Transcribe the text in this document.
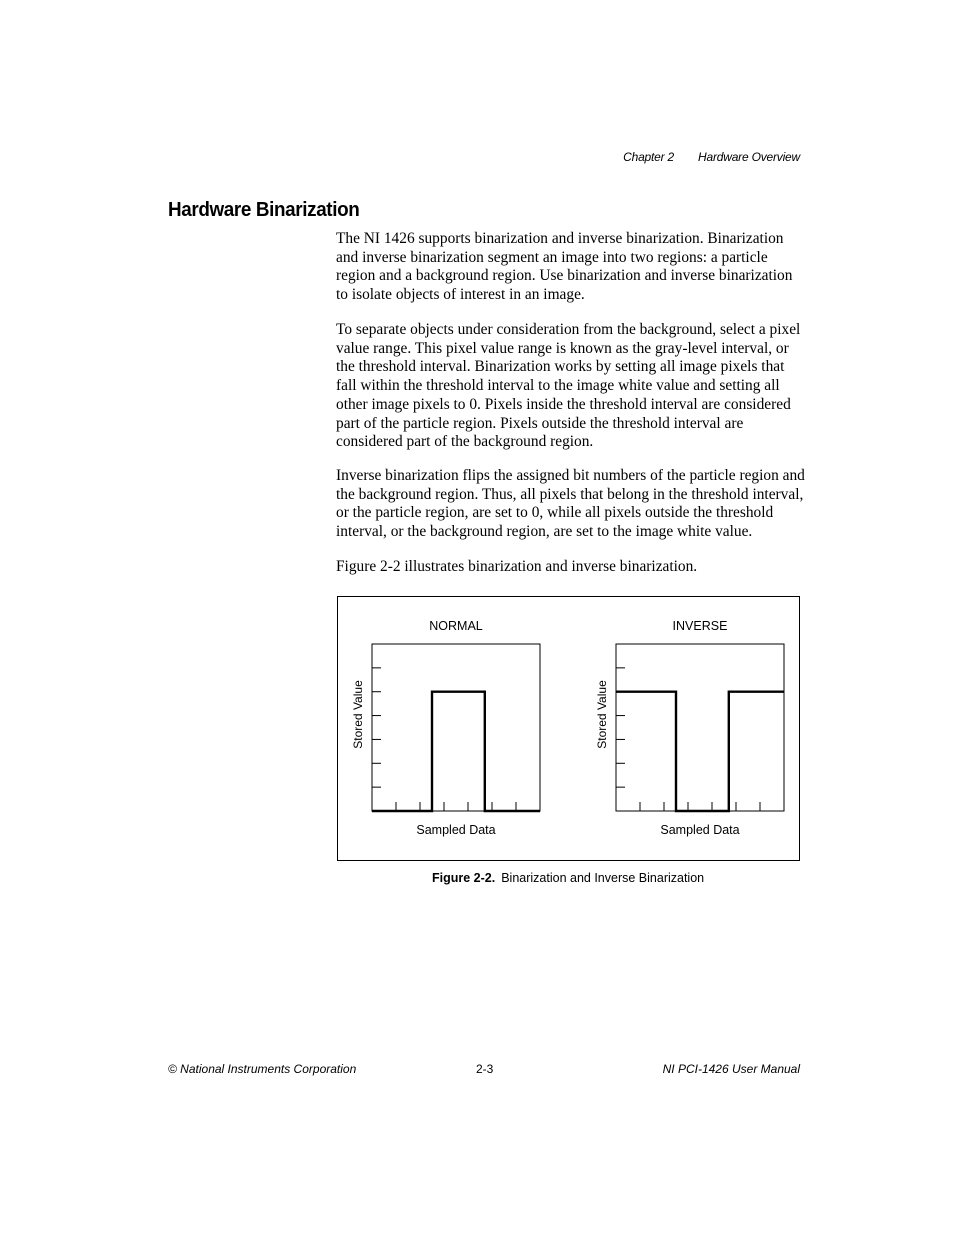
Chapter 2 Hardware Overview
Hardware Binarization

The NI 1426 supports binarization and inverse binarization. Binarization and inverse binarization segment an image into two regions: a particle region and a background region. Use binarization and inverse binarization to isolate objects of interest in an image.

To separate objects under consideration from the background, select a pixel value range. This pixel value range is known as the gray-level interval, or the threshold interval. Binarization works by setting all image pixels that fall within the threshold interval to the image white value and setting all other image pixels to 0. Pixels inside the threshold interval are considered part of the particle region. Pixels outside the threshold interval are considered part of the background region.

Inverse binarization flips the assigned bit numbers of the particle region and the background region. Thus, all pixels that belong in the threshold interval, or the particle region, are set to 0, while all pixels outside the threshold interval, or the background region, are set to the image white value.

Figure 2-2 illustrates binarization and inverse binarization.

NORMAL
Sampled Data
Stored Value
INVERSE
Sampled Data
Stored Value
Figure 2-2. Binarization and Inverse Binarization
© National Instruments Corporation	2-3	NI PCI-1426 User Manual
